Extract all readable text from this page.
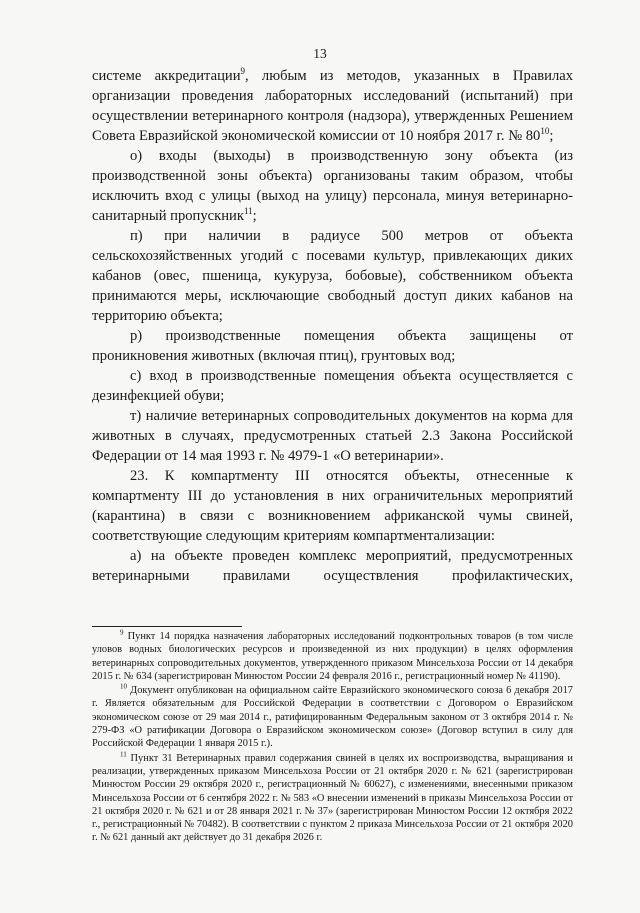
13

системе аккредитации$^9$, любым из методов, указанных в Правилах организации проведения лабораторных исследований (испытаний) при осуществлении ветеринарного контроля (надзора), утвержденных Решением Совета Евразийской экономической комиссии от 10 ноября 2017 г. № $80^{10}$;

о) входы (выходы) в производственную зону объекта (из производственной зоны объекта) организованы таким образом, чтобы исключить вход с улицы (выход на улицу) персонала, минуя ветеринарно-санитарный пропускник$^{11}$;

п) при наличии в радиусе 500 метров от объекта сельскохозяйственных угодий с посевами культур, привлекающих диких кабанов (овес, пшеница, кукуруза, бобовые), собственником объекта принимаются меры, исключающие свободный доступ диких кабанов на территорию объекта;

р) производственные помещения объекта защищены от проникновения животных (включая птиц), грунтовых вод;

с) вход в производственные помещения объекта осуществляется с дезинфекцией обуви;

т) наличие ветеринарных сопроводительных документов на корма для животных в случаях, предусмотренных статьей 2.3 Закона Российской Федерации от 14 мая 1993 г. № 4979-1 «О ветеринарии».

23. К компартменту III относятся объекты, отнесенные к компартменту III до установления в них ограничительных мероприятий (карантина) в связи с возникновением африканской чумы свиней, соответствующие следующим критериям компартментализации:

а) на объекте проведен комплекс мероприятий, предусмотренных ветеринарными правилами осуществления профилактических,

$^9$ Пункт 14 порядка назначения лабораторных исследований подконтрольных товаров (в том числе уловов водных биологических ресурсов и произведенной из них продукции) в целях оформления ветеринарных сопроводительных документов, утвержденного приказом Минсельхоза России от 14 декабря 2015 г. № 634 (зарегистрирован Минюстом России 24 февраля 2016 г., регистрационный номер № 41190).

$^{10}$ Документ опубликован на официальном сайте Евразийского экономического союза 6 декабря 2017 г. Является обязательным для Российской Федерации в соответствии с Договором о Евразийском экономическом союзе от 29 мая 2014 г., ратифицированным Федеральным законом от 3 октября 2014 г. № 279-ФЗ «О ратификации Договора о Евразийском экономическом союзе» (Договор вступил в силу для Российской Федерации 1 января 2015 г.).

$^{11}$ Пункт 31 Ветеринарных правил содержания свиней в целях их воспроизводства, выращивания и реализации, утвержденных приказом Минсельхоза России от 21 октября 2020 г. № 621 (зарегистрирован Минюстом России 29 октября 2020 г., регистрационный № 60627), с изменениями, внесенными приказом Минсельхоза России от 6 сентября 2022 г. № 583 «О внесении изменений в приказы Минсельхоза России от 21 октября 2020 г. № 621 и от 28 января 2021 г. № 37» (зарегистрирован Минюстом России 12 октября 2022 г., регистрационный № 70482). В соответствии с пунктом 2 приказа Минсельхоза России от 21 октября 2020 г. № 621 данный акт действует до 31 декабря 2026 г.
